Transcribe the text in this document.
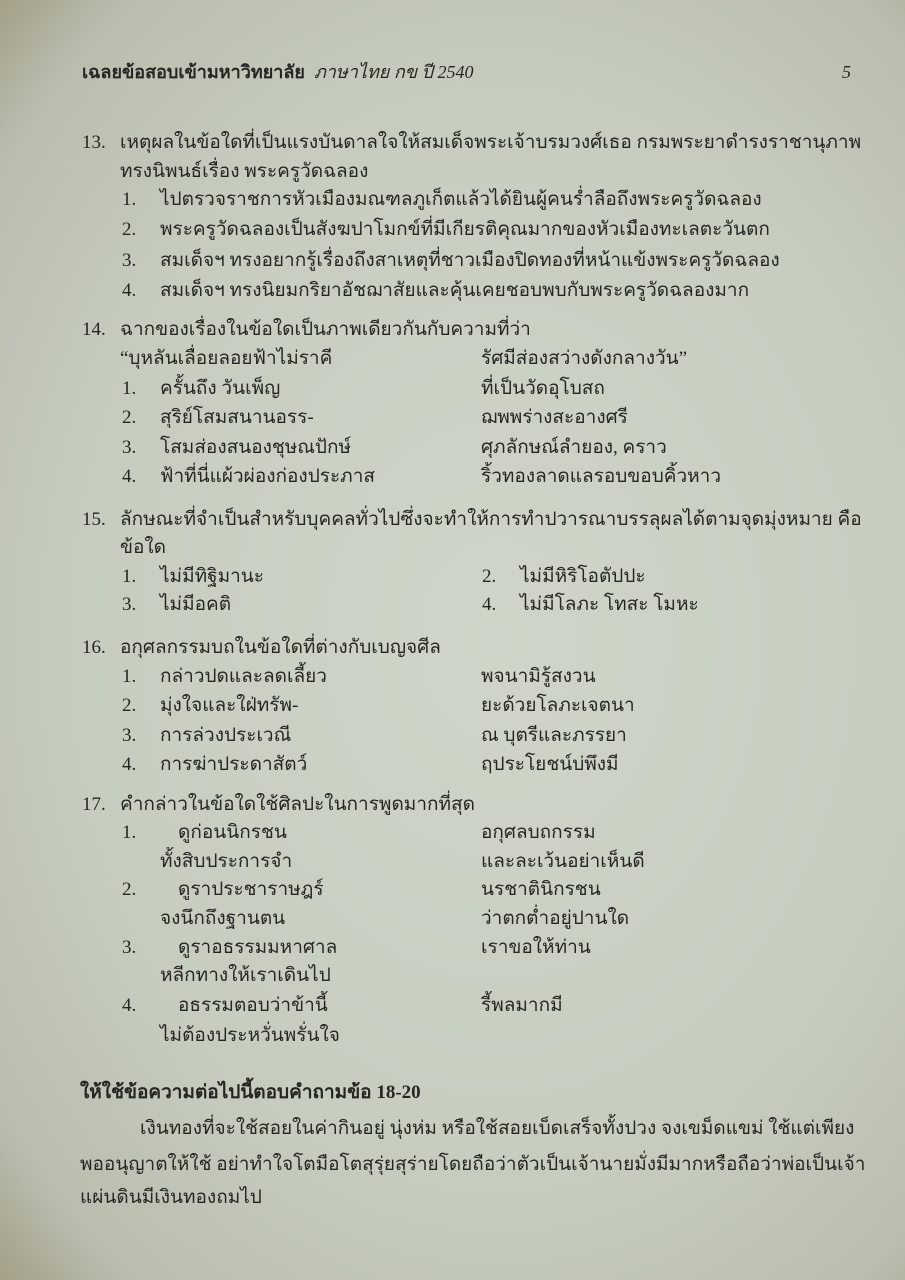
เฉลยข้อสอบเข้ามหาวิทยาลัย ภาษาไทย กข ปี 2540	5
13. เหตุผลในข้อใดที่เป็นแรงบันดาลใจให้สมเด็จพระเจ้าบรมวงศ์เธอ กรมพระยาดำรงราชานุภาพ
ทรงนิพนธ์เรื่อง พระครูวัดฉลอง
1. ไปตรวจราชการหัวเมืองมณฑลภูเก็ตแล้วได้ยินผู้คนร่ำลือถึงพระครูวัดฉลอง
2. พระครูวัดฉลองเป็นสังฆปาโมกข์ที่มีเกียรติคุณมากของหัวเมืองทะเลตะวันตก
3. สมเด็จฯ ทรงอยากรู้เรื่องถึงสาเหตุที่ชาวเมืองปิดทองที่หน้าแข้งพระครูวัดฉลอง
4. สมเด็จฯ ทรงนิยมกริยาอัชฌาสัยและคุ้นเคยชอบพบกับพระครูวัดฉลองมาก
14. ฉากของเรื่องในข้อใดเป็นภาพเดียวกันกับความที่ว่า
“บุหลันเลื่อยลอยฟ้าไม่ราคี	รัศมีส่องสว่างดังกลางวัน”
1. ครั้นถึง วันเพ็ญ	ที่เป็นวัดอุโบสถ
2. สุริย์โสมสนานอรร-	ฌพพร่างสะอางศรี
3. โสมส่องสนองชุษณปักษ์	ศุภลักษณ์ลำยอง, คราว
4. ฟ้าที่นี่แผ้วผ่องก่องประภาส	ริ้วทองลาดแลรอบขอบคิ้วหาว
15. ลักษณะที่จำเป็นสำหรับบุคคลทั่วไปซึ่งจะทำให้การทำปวารณาบรรลุผลได้ตามจุดมุ่งหมาย คือ
ข้อใด
1. ไม่มีทิฐิมานะ	2. ไม่มีหิริโอตัปปะ
3. ไม่มีอคติ	4. ไม่มีโลภะ โทสะ โมหะ
16. อกุศลกรรมบถในข้อใดที่ต่างกับเบญจศีล
1. กล่าวปดและลดเลี้ยว	พจนามิรู้สงวน
2. มุ่งใจและใฝ่ทรัพ-	ยะด้วยโลภะเจตนา
3. การล่วงประเวณี	ณ บุตรีและภรรยา
4. การฆ่าประดาสัตว์	ฤประโยชน์บ่พึงมี
17. คำกล่าวในข้อใดใช้ศิลปะในการพูดมากที่สุด
1. ดูก่อนนิกรชน	อกุศลบถกรรม
ทั้งสิบประการจำ	และละเว้นอย่าเห็นดี
2. ดูราประชาราษฎร์	นรชาตินิกรชน
จงนึกถึงฐานตน	ว่าตกต่ำอยู่ปานใด
3. ดูราอธรรมมหาศาล	เราขอให้ท่าน
หลีกทางให้เราเดินไป
4. อธรรมตอบว่าข้านี้	รี้พลมากมี
ไม่ต้องประหวั่นพรั่นใจ
ให้ใช้ข้อความต่อไปนี้ตอบคำถามข้อ 18-20
เงินทองที่จะใช้สอยในค่ากินอยู่ นุ่งห่ม หรือใช้สอยเบ็ดเสร็จทั้งปวง จงเขม็ดแขม่ ใช้แต่เพียง
พออนุญาตให้ใช้ อย่าทำใจโตมือโตสุรุ่ยสุร่ายโดยถือว่าตัวเป็นเจ้านายมั่งมีมากหรือถือว่าพ่อเป็นเจ้า
แผ่นดินมีเงินทองถมไป
